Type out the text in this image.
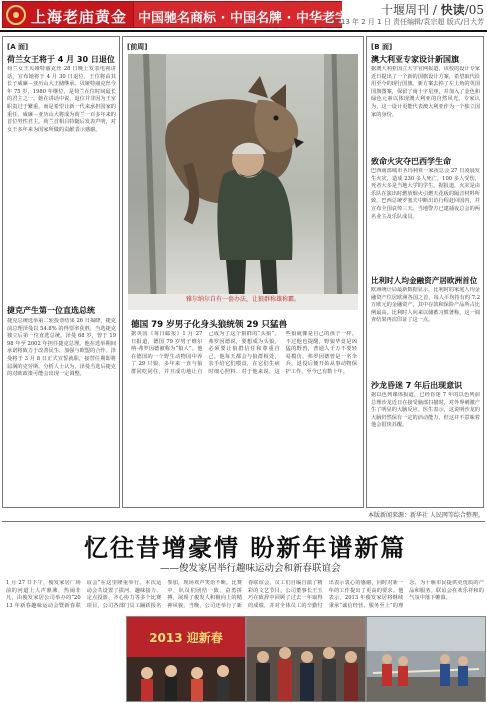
上海老庙黄金 中国驰名商标 · 中国名牌 · 中华老字号
十堰周刊 / 快读/05
2013 年 2 月 1 日 责任编辑/袁宗超 版式/吕大芳
[A 面]
荷兰女王将于 4 月 30 日退位
荷兰女王贝娅特丽克丝 28 日晚上发表电视讲话，宣布她将于 4 月 30 日退位，王位将由其长子威廉－亚历山大王储继承。贝娅特丽克丝今年 75 岁，1980 年继位，是荷兰在位时间最长的君主之一。她在讲话中说，退位并非因为王室职责过于繁重，而是希望让新一代来承担国家的重任。威廉－亚历山大将成为荷兰一百多年来的首位男性君主。荷兰首相吕特随后发表声明，对女王多年来为国家所做的贡献表示感谢。
捷克产生第一位直选总统
捷克总统选举第二轮投票结果 26 日揭晓，捷克前总理泽曼以 54.8% 的得票率获胜，当选捷克独立后第一位直选总统。泽曼 68 岁，曾于 1998 年至 2002 年担任捷克总理。他在选举期间承诺将致力于改善民生、加强与欧盟的合作。泽曼将于 3 月 8 日正式宣誓就职，接替任期即将届满的克劳斯。分析人士认为，泽曼当选后捷克的对欧政策可能会出现一定调整。
[前周]
雅尔纳尔自有一套办法，让狼群称雄称霸。
德国 79 岁男子化身头狼统领 29 只猛兽
据英国《每日邮报》1 月 27 日报道，德国 79 岁男子维尔纳·弗罗因德被称为“狼人”。他在德国的一个野生动物园中养了 29 只狼，多年来一直与狼群同吃同住，并且成功地让自己成为了这个狼群的“头狼”。弗罗因德说，要想成为头狼，必须要让狼群信任和尊重自己。他每天都会与狼群相处，亲手给它们喂食，在它们生病时细心照料。对于他来说，这些狼就像是自己的孩子一样。不过他也提醒，野狼毕竟是凶猛的野兽，普通人千万不要轻易模仿。弗罗因德曾是一名伞兵，退役后便开始从事动物保护工作，至今已有数十年。
[B 面]
澳大利亚专家设计新国旗
据澳大利亚国立大学官网报道，该校的设计专家近日提出了一个新的国旗设计方案，希望取代沿用至今的现行国旗。新方案去掉了左上角的英国国旗图案，保留了南十字星座，并加入了金色和绿色元素以体现澳大利亚的自然风光。专家认为，这一设计更能代表澳大利亚作为一个独立国家的身份。
致命火灾夺巴西学生命
巴西南部城市圣玛利亚一家夜总会 27 日凌晨发生火灾，造成 230 多人死亡，100 多人受伤，死者大多是当地大学的学生。据报道，火灾是由乐队在演出时燃放烟火引燃天花板的隔音材料所致。巴西总统罗塞夫中断出访行程赶回国内，并宣布全国哀悼三天。当地警方已逮捕夜总会的两名业主及乐队成员。
比利时人均金融资产居欧洲首位
欧洲统计局最新数据显示，比利时的家庭人均金融资产位居欧洲各国之首，每人平均持有约 7.2 万欧元的金融资产。其中存款和保险产品所占比例最高。比利时人向来以储蓄习惯著称，这一调查结果再次印证了这一点。
沙龙昏迷 7 年后出现意识
据以色列媒体报道，已经昏迷 7 年的以色列前总理沙龙近日在接受脑部扫描时，对外界刺激产生了明显的大脑反应。医生表示，这说明沙龙的大脑仍然保有一定的活动能力，但这并不意味着他会很快苏醒。
本版新闻来源：新华社 人民网等综合整理。
忆往昔增豪情 盼新年谱新篇
——俊发家居举行趣味运动会和新春联谊会
1 月 27 日下午，俊发家居广场前的河道上人声鼎沸，热闹非凡，由俊发家居公司举办的“2013 年新春趣味运动会暨新春联谊会”在这里隆重举行。本次运动会共设置了拔河、趣味接力、定点投篮、齐心协力等多个比赛项目，公司各部门员工踊跃报名参加，现场欢声笑语不断。比赛中，队员们团结一致、奋勇拼搏，展现了俊发人积极向上的精神风貌。当晚，公司还举行了新春联谊会，员工们自编自演了精彩的文艺节目。公司董事长王玉巧在致辞中回顾了过去一年取得的成绩，并对全体员工的辛勤付出表示衷心的感谢，同时对新一年的工作提出了更高的要求。他表示，2013 年俊发家居将继续秉承“诚信经营、服务至上”的理念，为十堰市民提供更优质的产品和服务。联谊会在欢乐祥和的气氛中落下帷幕。
2013 迎新春
